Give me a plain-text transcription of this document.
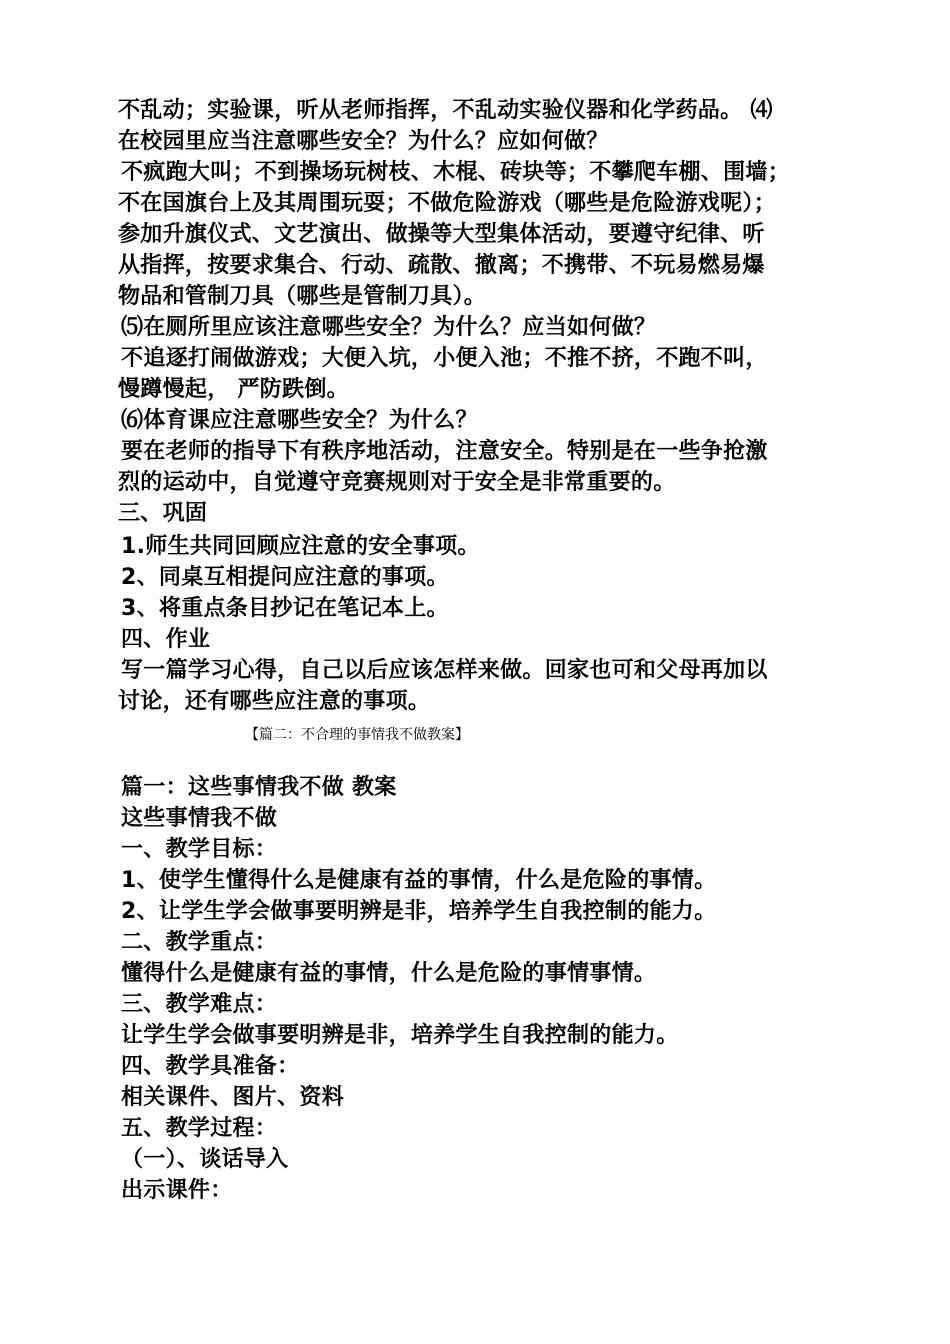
不乱动；实验课，听从老师指挥，不乱动实验仪器和化学药品。 ⑷
在校园里应当注意哪些安全？为什么？应如何做？
不疯跑大叫；不到操场玩树枝、木棍、砖块等；不攀爬车棚、围墙；
不在国旗台上及其周围玩耍；不做危险游戏（哪些是危险游戏呢）；
参加升旗仪式、文艺演出、做操等大型集体活动，要遵守纪律、听
从指挥，按要求集合、行动、疏散、撤离；不携带、不玩易燃易爆
物品和管制刀具（哪些是管制刀具）。
⑸在厕所里应该注意哪些安全？为什么？应当如何做？
不追逐打闹做游戏；大便入坑，小便入池；不推不挤，不跑不叫，
慢蹲慢起， 严防跌倒。
⑹体育课应注意哪些安全？为什么？
要在老师的指导下有秩序地活动，注意安全。特别是在一些争抢激
烈的运动中，自觉遵守竞赛规则对于安全是非常重要的。
三、巩固
1.师生共同回顾应注意的安全事项。
2、同桌互相提问应注意的事项。
3、将重点条目抄记在笔记本上。
四、作业
写一篇学习心得，自己以后应该怎样来做。回家也可和父母再加以
讨论，还有哪些应注意的事项。
【篇二：不合理的事情我不做教案】
篇一：这些事情我不做 教案
这些事情我不做
一、教学目标：
1、使学生懂得什么是健康有益的事情，什么是危险的事情。
2、让学生学会做事要明辨是非，培养学生自我控制的能力。
二、教学重点：
懂得什么是健康有益的事情，什么是危险的事情事情。
三、教学难点：
让学生学会做事要明辨是非，培养学生自我控制的能力。
四、教学具准备：
相关课件、图片、资料
五、教学过程：
（一）、谈话导入
出示课件：
